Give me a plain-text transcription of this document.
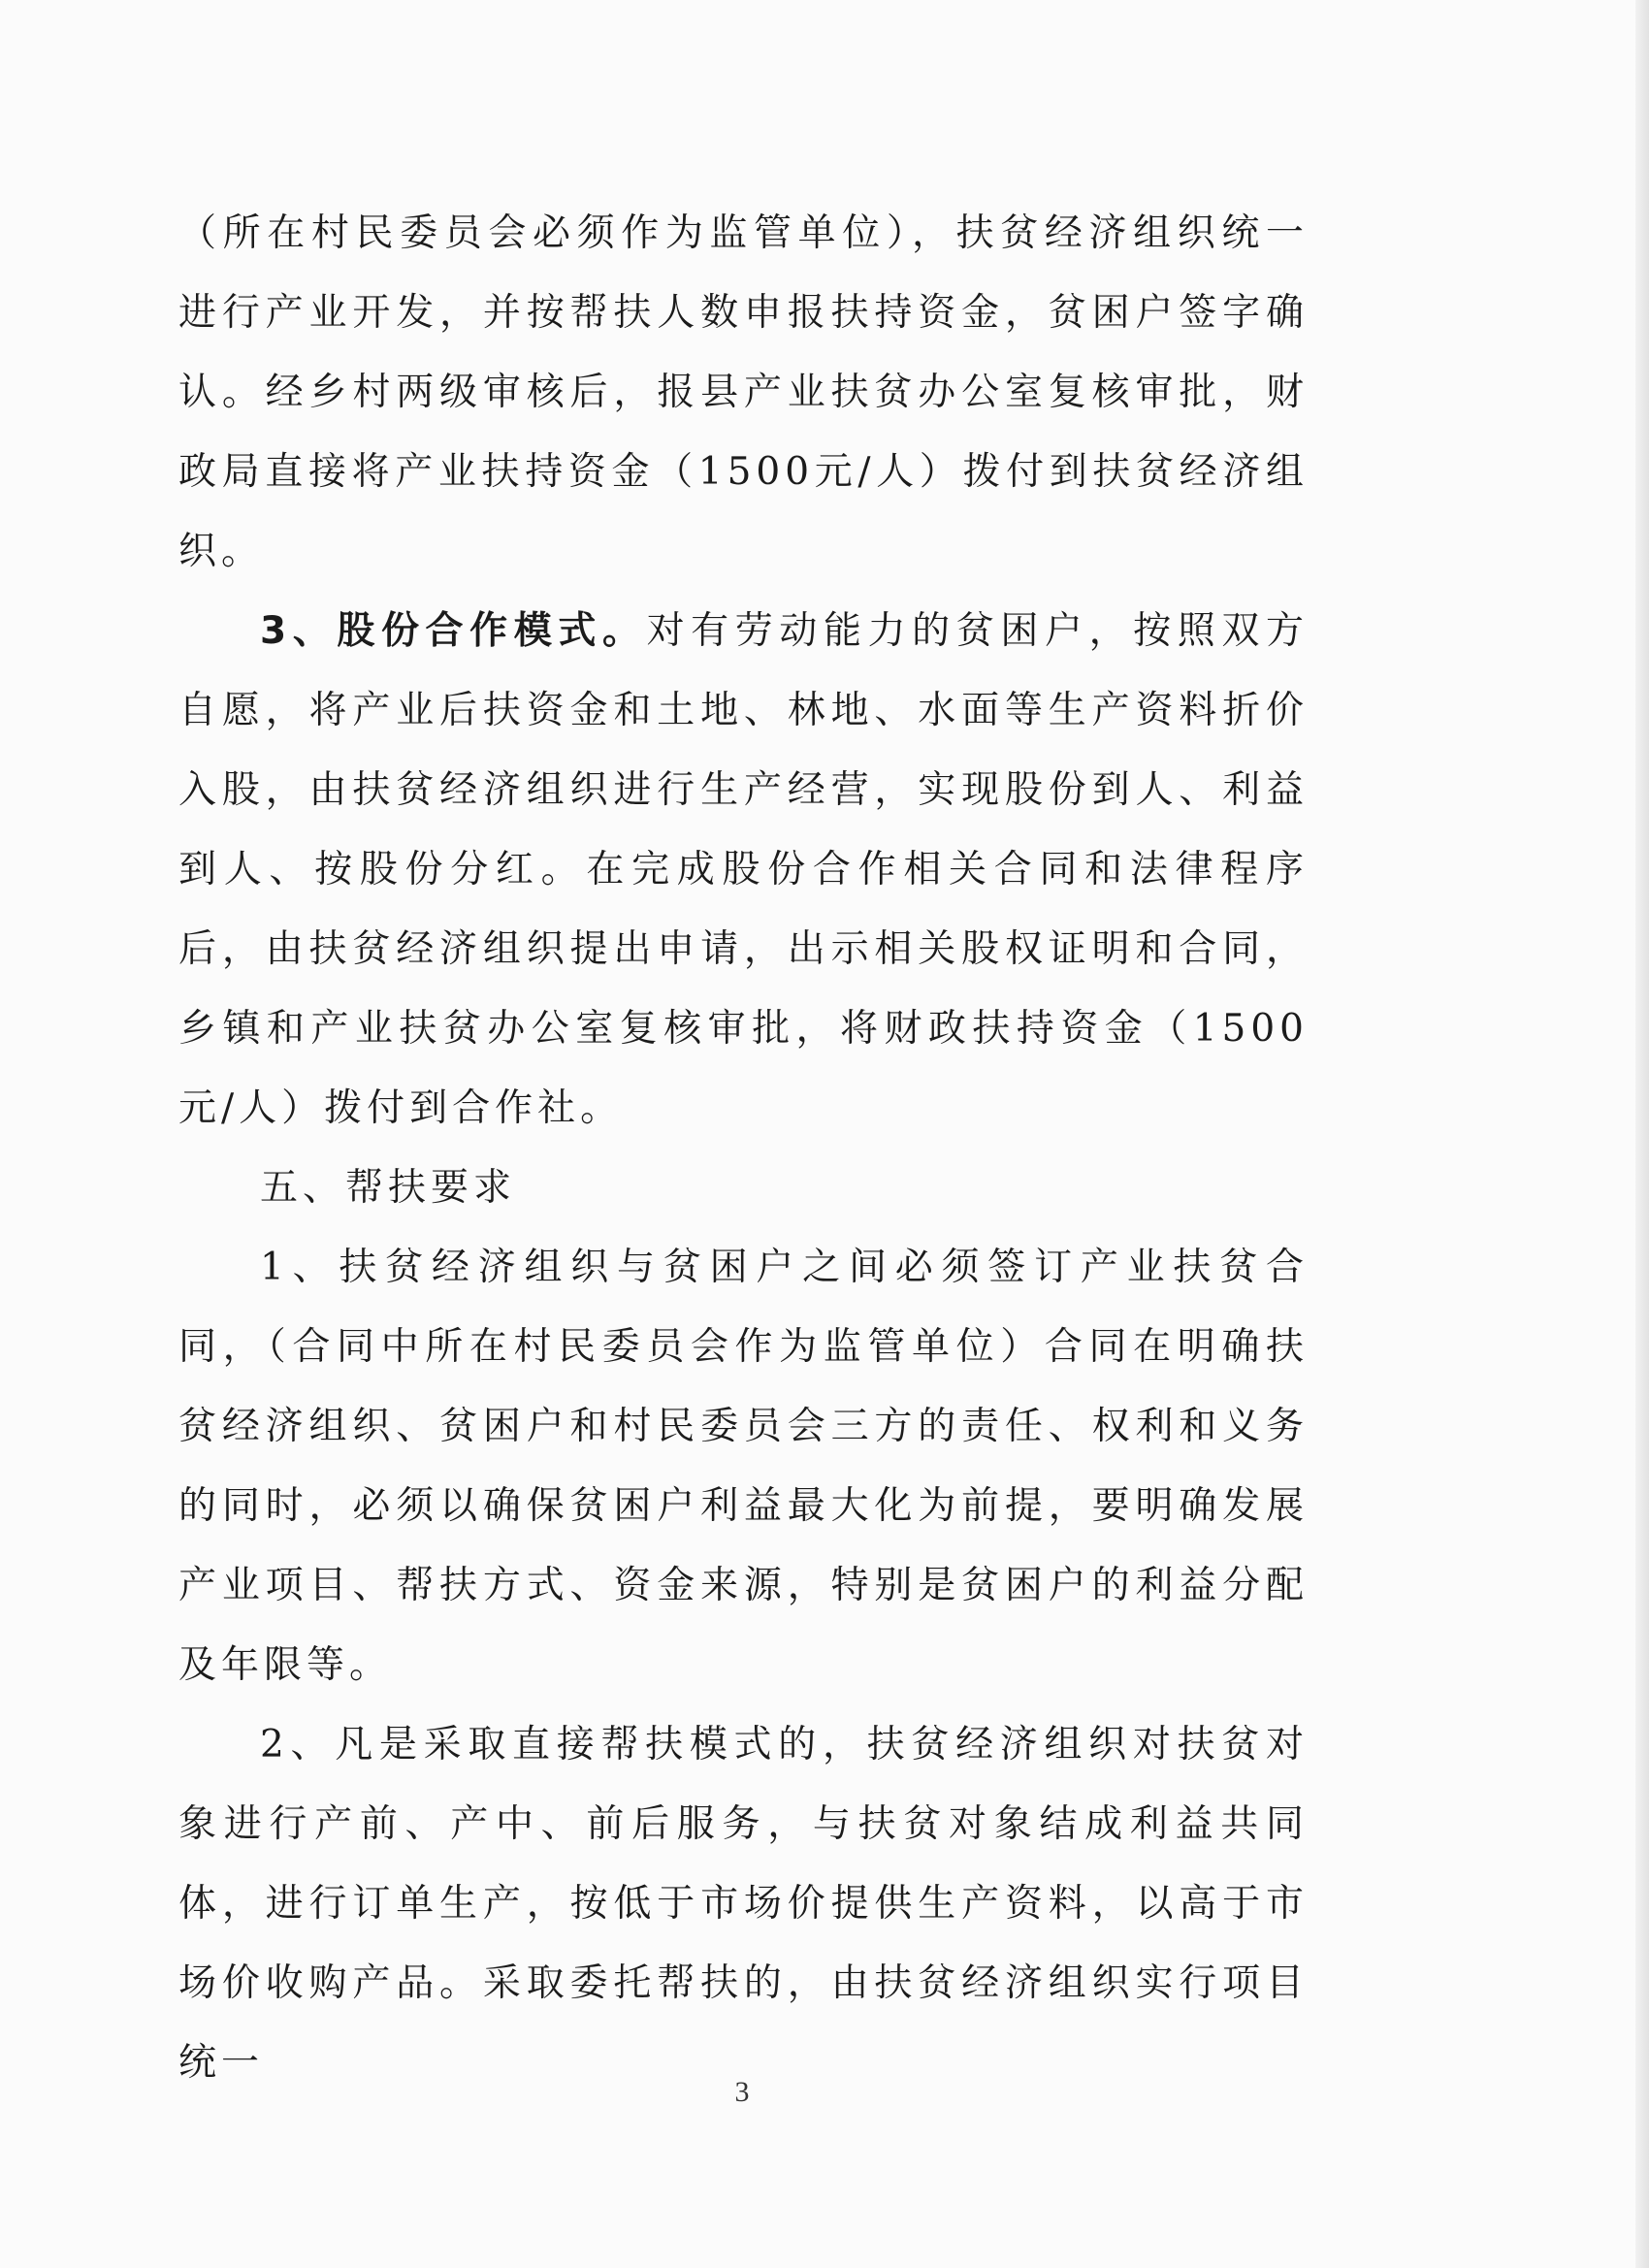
（所在村民委员会必须作为监管单位），扶贫经济组织统一进行产业开发，并按帮扶人数申报扶持资金，贫困户签字确认。经乡村两级审核后，报县产业扶贫办公室复核审批，财政局直接将产业扶持资金（1500元/人）拨付到扶贫经济组织。

3、股份合作模式。对有劳动能力的贫困户，按照双方自愿，将产业后扶资金和土地、林地、水面等生产资料折价入股，由扶贫经济组织进行生产经营，实现股份到人、利益到人、按股份分红。在完成股份合作相关合同和法律程序后，由扶贫经济组织提出申请，出示相关股权证明和合同，乡镇和产业扶贫办公室复核审批，将财政扶持资金（1500元/人）拨付到合作社。

五、帮扶要求

1、扶贫经济组织与贫困户之间必须签订产业扶贫合同，（合同中所在村民委员会作为监管单位）合同在明确扶贫经济组织、贫困户和村民委员会三方的责任、权利和义务的同时，必须以确保贫困户利益最大化为前提，要明确发展产业项目、帮扶方式、资金来源，特别是贫困户的利益分配及年限等。

2、凡是采取直接帮扶模式的，扶贫经济组织对扶贫对象进行产前、产中、前后服务，与扶贫对象结成利益共同体，进行订单生产，按低于市场价提供生产资料，以高于市场价收购产品。采取委托帮扶的，由扶贫经济组织实行项目统一

3
